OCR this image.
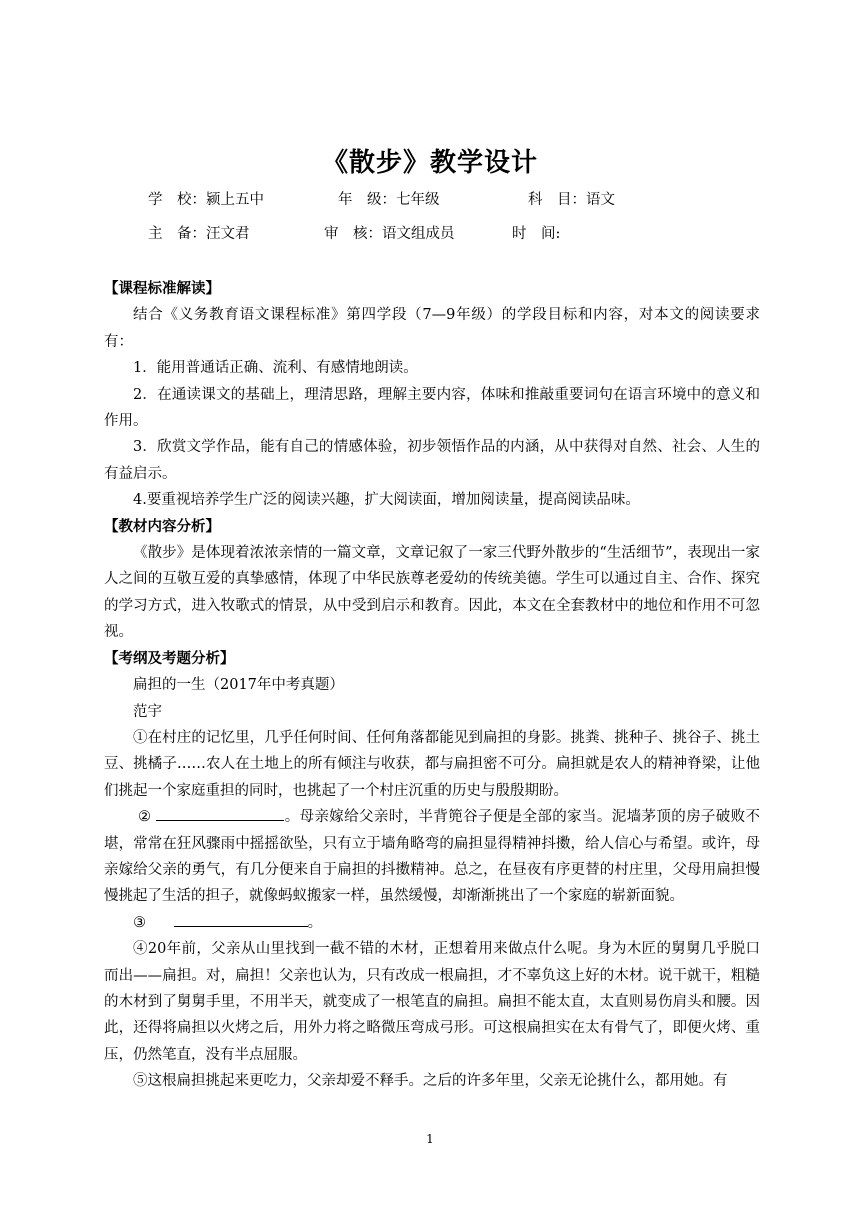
《散步》教学设计
学　校：颍上五中	年　级：七年级	科　目：语文
主　备：汪文君	审　核：语文组成员	时　间:

【课程标准解读】

结合《义务教育语文课程标准》第四学段（7—9年级）的学段目标和内容，对本文的阅读要求有：

1．能用普通话正确、流利、有感情地朗读。

2．在通读课文的基础上，理清思路，理解主要内容，体味和推敲重要词句在语言环境中的意义和作用。

3．欣赏文学作品，能有自己的情感体验，初步领悟作品的内涵，从中获得对自然、社会、人生的有益启示。

4.要重视培养学生广泛的阅读兴趣，扩大阅读面，增加阅读量，提高阅读品味。

【教材内容分析】

《散步》是体现着浓浓亲情的一篇文章，文章记叙了一家三代野外散步的“生活细节”，表现出一家人之间的互敬互爱的真挚感情，体现了中华民族尊老爱幼的传统美德。学生可以通过自主、合作、探究的学习方式，进入牧歌式的情景，从中受到启示和教育。因此，本文在全套教材中的地位和作用不可忽视。

【考纲及考题分析】

扁担的一生（2017年中考真题）

范宇

①在村庄的记忆里，几乎任何时间、任何角落都能见到扁担的身影。挑粪、挑种子、挑谷子、挑土豆、挑橘子……农人在土地上的所有倾注与收获，都与扁担密不可分。扁担就是农人的精神脊梁，让他们挑起一个家庭重担的同时，也挑起了一个村庄沉重的历史与殷殷期盼。

②	。母亲嫁给父亲时，半背篼谷子便是全部的家当。泥墙茅顶的房子破败不堪，常常在狂风骤雨中摇摇欲坠，只有立于墙角略弯的扁担显得精神抖擞，给人信心与希望。或许，母亲嫁给父亲的勇气，有几分便来自于扁担的抖擞精神。总之，在昼夜有序更替的村庄里，父母用扁担慢慢挑起了生活的担子，就像蚂蚁搬家一样，虽然缓慢，却渐渐挑出了一个家庭的崭新面貌。

③	。

④20年前，父亲从山里找到一截不错的木材，正想着用来做点什么呢。身为木匠的舅舅几乎脱口而出——扁担。对，扁担！父亲也认为，只有改成一根扁担，才不辜负这上好的木材。说干就干，粗糙的木材到了舅舅手里，不用半天，就变成了一根笔直的扁担。扁担不能太直，太直则易伤肩头和腰。因此，还得将扁担以火烤之后，用外力将之略微压弯成弓形。可这根扁担实在太有骨气了，即便火烤、重压，仍然笔直，没有半点屈服。

⑤这根扁担挑起来更吃力，父亲却爱不释手。之后的许多年里，父亲无论挑什么，都用她。有

1
